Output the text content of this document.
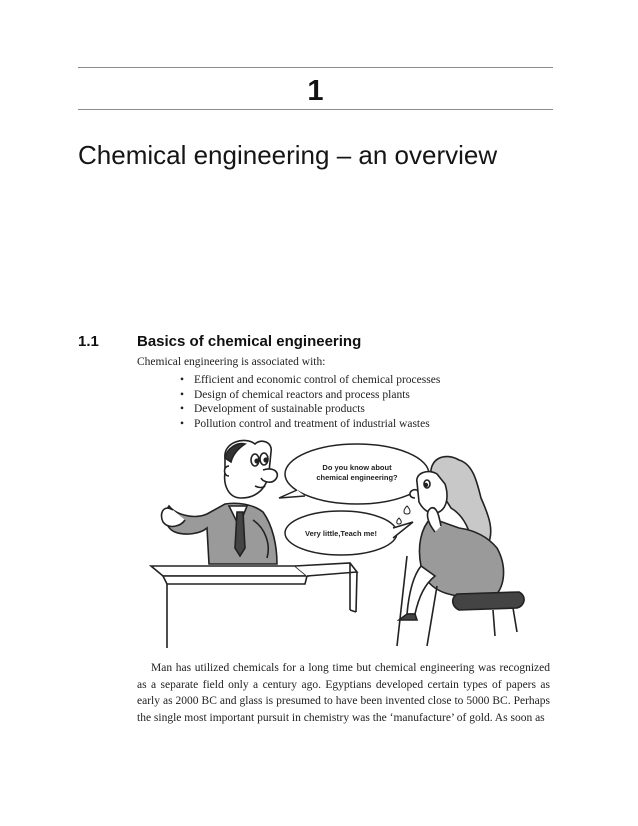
1
Chemical engineering – an overview
1.1	Basics of chemical engineering
Chemical engineering is associated with:
• Efficient and economic control of chemical processes
• Design of chemical reactors and process plants
• Development of sustainable products
• Pollution control and treatment of industrial wastes
Do you know about
chemical engineering?
Very little,Teach me!

Man has utilized chemicals for a long time but chemical engineering was recognized as a separate field only a century ago. Egyptians developed certain types of papers as early as 2000 BC and glass is presumed to have been invented close to 5000 BC. Perhaps the single most important pursuit in chemistry was the ‘manufacture’ of gold. As soon as
